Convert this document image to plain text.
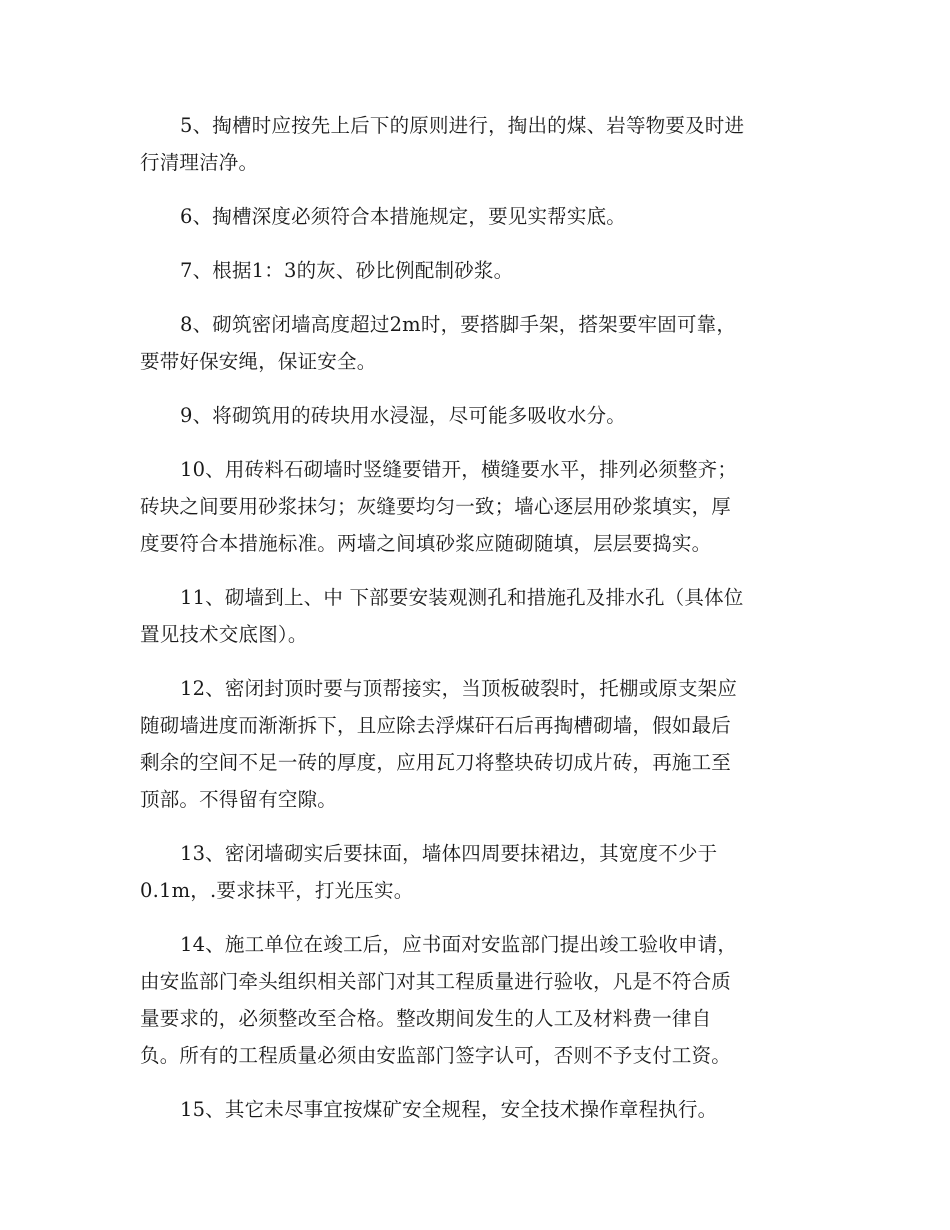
5、掏槽时应按先上后下的原则进行，掏出的煤、岩等物要及时进
行清理洁净。

6、掏槽深度必须符合本措施规定，要见实帮实底。

7、根据1：3的灰、砂比例配制砂浆。

8、砌筑密闭墙高度超过2m时，要搭脚手架，搭架要牢固可靠，
要带好保安绳，保证安全。

9、将砌筑用的砖块用水浸湿，尽可能多吸收水分。

10、用砖料石砌墙时竖缝要错开，横缝要水平，排列必须整齐；
砖块之间要用砂浆抹匀；灰缝要均匀一致；墙心逐层用砂浆填实，厚
度要符合本措施标准。两墙之间填砂浆应随砌随填，层层要捣实。

11、砌墙到上、中 下部要安装观测孔和措施孔及排水孔（具体位
置见技术交底图）。

12、密闭封顶时要与顶帮接实，当顶板破裂时，托棚或原支架应
随砌墙进度而渐渐拆下，且应除去浮煤矸石后再掏槽砌墙，假如最后
剩余的空间不足一砖的厚度，应用瓦刀将整块砖切成片砖，再施工至
顶部。不得留有空隙。

13、密闭墙砌实后要抹面，墙体四周要抹裙边，其宽度不少于
0.1m，.要求抹平，打光压实。

14、施工单位在竣工后，应书面对安监部门提出竣工验收申请，
由安监部门牵头组织相关部门对其工程质量进行验收，凡是不符合质
量要求的，必须整改至合格。整改期间发生的人工及材料费一律自
负。所有的工程质量必须由安监部门签字认可，否则不予支付工资。

15、其它未尽事宜按煤矿安全规程，安全技术操作章程执行。
